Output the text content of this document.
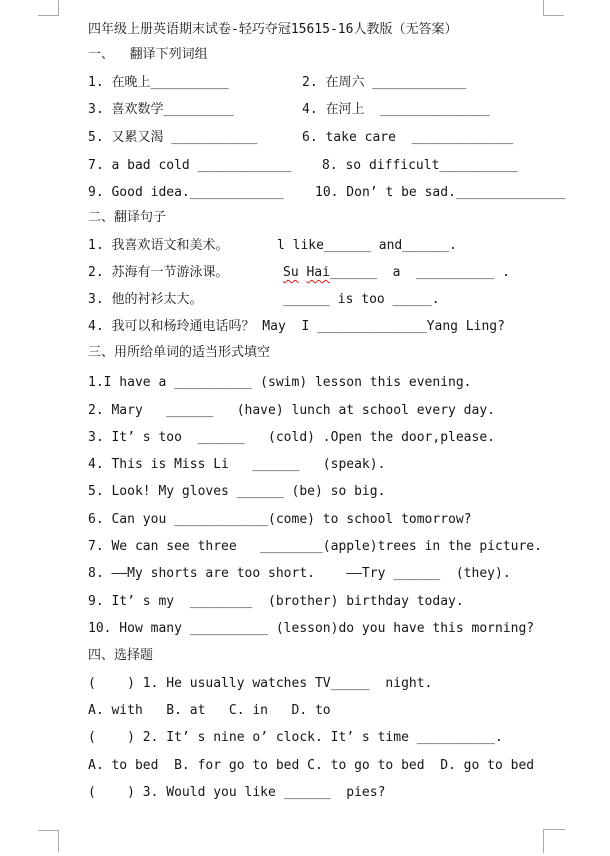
四年级上册英语期末试卷-轻巧夺冠15615-16人教版（无答案）
一、  翻译下列词组
1. 在晚上__________	2. 在周六 ____________
3. 喜欢数学_________	4. 在河上  ______________
5. 又累又渴 ___________	6. take care  _____________
7. a bad cold ____________ 8. so difficult__________
9. Good idea.____________ 10. Don’ t be sad.______________
二、翻译句子
1. 我喜欢语文和美术。	l like______ and______.
2. 苏海有一节游泳课。	Su Hai______  a  __________ .
3. 他的衬衫太大。	______ is too _____.
4. 我可以和杨玲通电话吗？ May  I ______________Yang Ling?
三、用所给单词的适当形式填空
1.I have a __________ (swim) lesson this evening.
2. Mary   ______   (have) lunch at school every day.
3. It’ s too  ______   (cold) .Open the door,please.
4. This is Miss Li   ______   (speak).
5. Look! My gloves ______ (be) so big.
6. Can you ____________(come) to school tomorrow?
7. We can see three   ________(apple)trees in the picture.
8. ——My shorts are too short.    ——Try ______  (they).
9. It’ s my  ________  (brother) birthday today.
10. How many __________ (lesson)do you have this morning?
四、选择题
(    ) 1. He usually watches TV_____  night.
A. with   B. at   C. in   D. to
(    ) 2. It’ s nine o’ clock. It’ s time __________.
A. to bed  B. for go to bed C. to go to bed  D. go to bed
(    ) 3. Would you like ______  pies?
